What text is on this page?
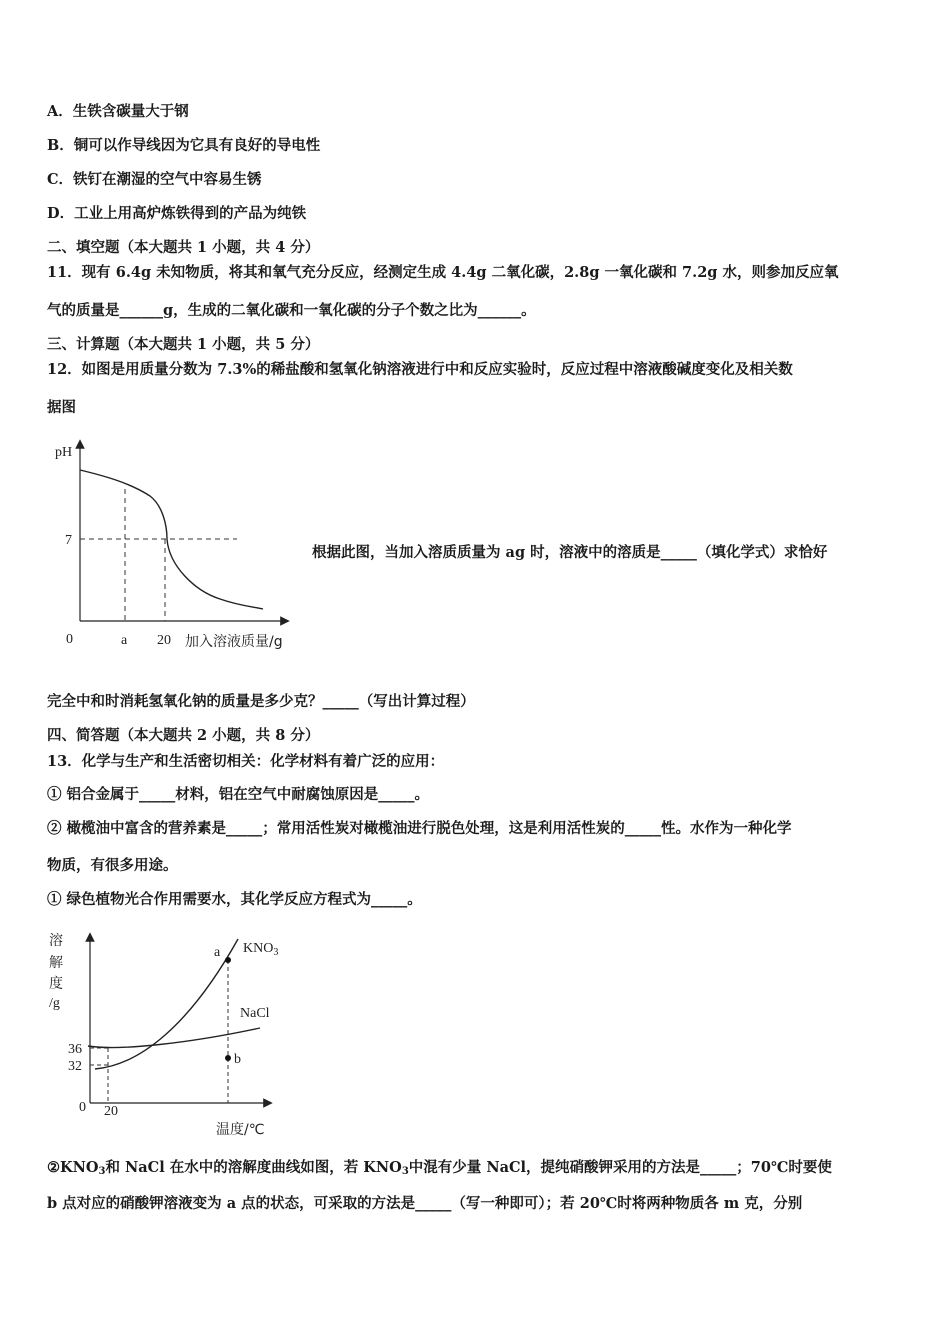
A．生铁含碳量大于钢
B．铜可以作导线因为它具有良好的导电性
C．铁钉在潮湿的空气中容易生锈
D．工业上用高炉炼铁得到的产品为纯铁
二、填空题（本大题共 1 小题，共 4 分）
11．现有 6.4g 未知物质，将其和氧气充分反应，经测定生成 4.4g 二氧化碳，2.8g 一氧化碳和 7.2g 水，则参加反应氧
气的质量是______g，生成的二氧化碳和一氧化碳的分子个数之比为______。
三、计算题（本大题共 1 小题，共 5 分）
12．如图是用质量分数为 7.3%的稀盐酸和氢氧化钠溶液进行中和反应实验时，反应过程中溶液酸碱度变化及相关数
据图
完全中和时消耗氢氧化钠的质量是多少克？_____（写出计算过程）
四、简答题（本大题共 2 小题，共 8 分）
13．化学与生产和生活密切相关：化学材料有着广泛的应用：
① 铝合金属于_____材料，铝在空气中耐腐蚀原因是_____。
② 橄榄油中富含的营养素是_____；常用活性炭对橄榄油进行脱色处理，这是利用活性炭的_____性。水作为一种化学
物质，有很多用途。
① 绿色植物光合作用需要水，其化学反应方程式为_____。
$②KNO_3$和 NaCl 在水中的溶解度曲线如图，若 $KNO_3$中混有少量 NaCl，提纯硝酸钾采用的方法是_____；70℃时要使
b 点对应的硝酸钾溶液变为 a 点的状态，可采取的方法是_____（写一种即可）；若 20℃时将两种物质各 m 克，分别
根据此图，当加入溶质质量为 ag 时，溶液中的溶质是_____（填化学式）求恰好
pH
7
0	a 20 加入溶液质量/g
溶
解
度
/g
36
32
0 20
温度/℃
a
b
$KNO_3$
NaCl
